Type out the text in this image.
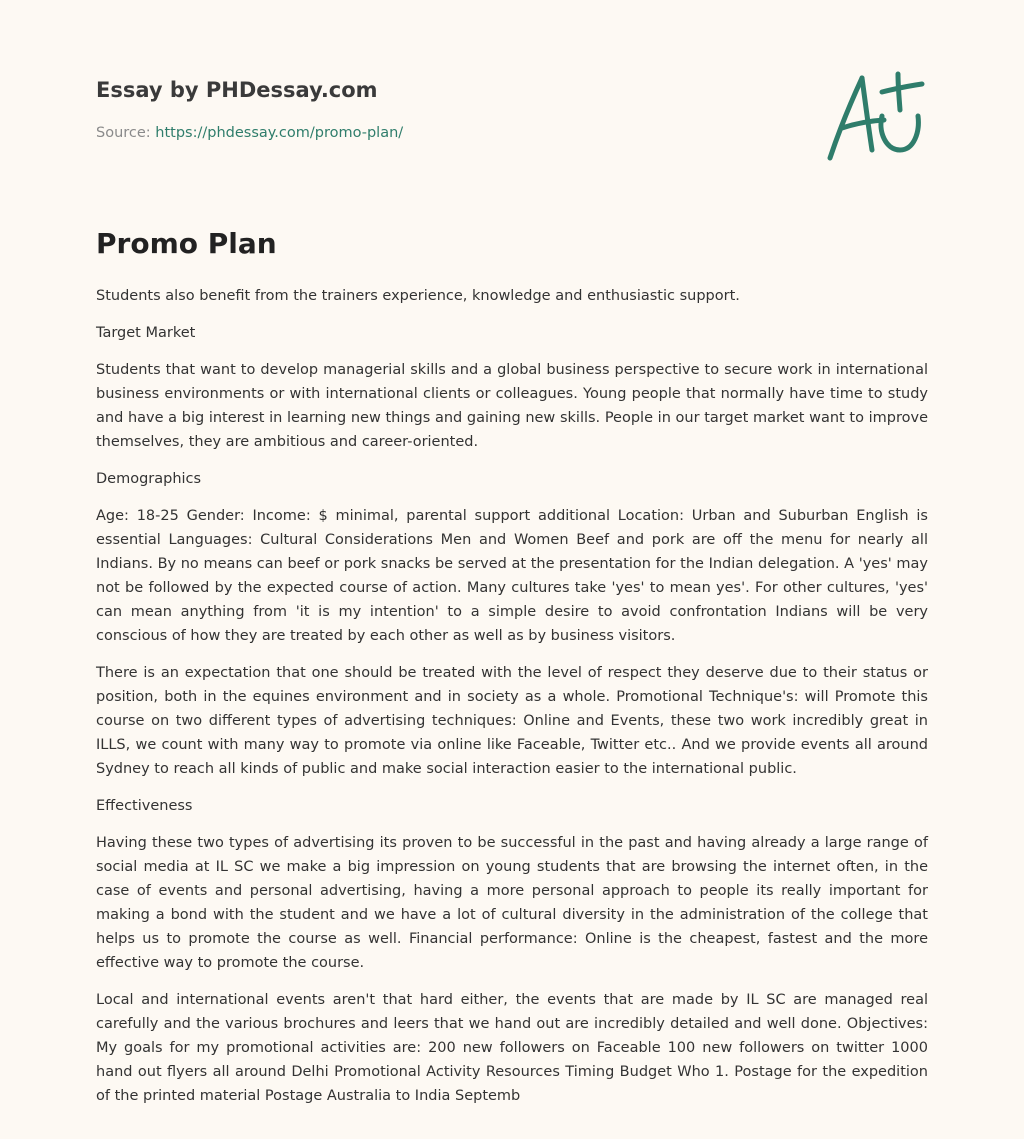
Essay by PHDessay.com
Source: https://phdessay.com/promo-plan/
Promo Plan

Students also benefit from the trainers experience, knowledge and enthusiastic support.

Target Market

Students that want to develop managerial skills and a global business perspective to secure work in international business environments or with international clients or colleagues. Young people that normally have time to study and have a big interest in learning new things and gaining new skills. People in our target market want to improve themselves, they are ambitious and career-oriented.

Demographics

Age: 18-25 Gender: Income: $ minimal, parental support additional Location: Urban and Suburban English is essential Languages: Cultural Considerations Men and Women Beef and pork are off the menu for nearly all Indians. By no means can beef or pork snacks be served at the presentation for the Indian delegation. A 'yes' may not be followed by the expected course of action. Many cultures take 'yes' to mean yes'. For other cultures, 'yes' can mean anything from 'it is my intention' to a simple desire to avoid confrontation Indians will be very conscious of how they are treated by each other as well as by business visitors.

There is an expectation that one should be treated with the level of respect they deserve due to their status or position, both in the equines environment and in society as a whole. Promotional Technique's: will Promote this course on two different types of advertising techniques: Online and Events, these two work incredibly great in ILLS, we count with many way to promote via online like Faceable, Twitter etc.. And we provide events all around Sydney to reach all kinds of public and make social interaction easier to the international public.

Effectiveness

Having these two types of advertising its proven to be successful in the past and having already a large range of social media at IL SC we make a big impression on young students that are browsing the internet often, in the case of events and personal advertising, having a more personal approach to people its really important for making a bond with the student and we have a lot of cultural diversity in the administration of the college that helps us to promote the course as well. Financial performance: Online is the cheapest, fastest and the more effective way to promote the course.

Local and international events aren't that hard either, the events that are made by IL SC are managed real carefully and the various brochures and leers that we hand out are incredibly detailed and well done. Objectives: My goals for my promotional activities are: 200 new followers on Faceable 100 new followers on twitter 1000 hand out flyers all around Delhi Promotional Activity Resources Timing Budget Who 1. Postage for the expedition of the printed material Postage Australia to India Septemb
